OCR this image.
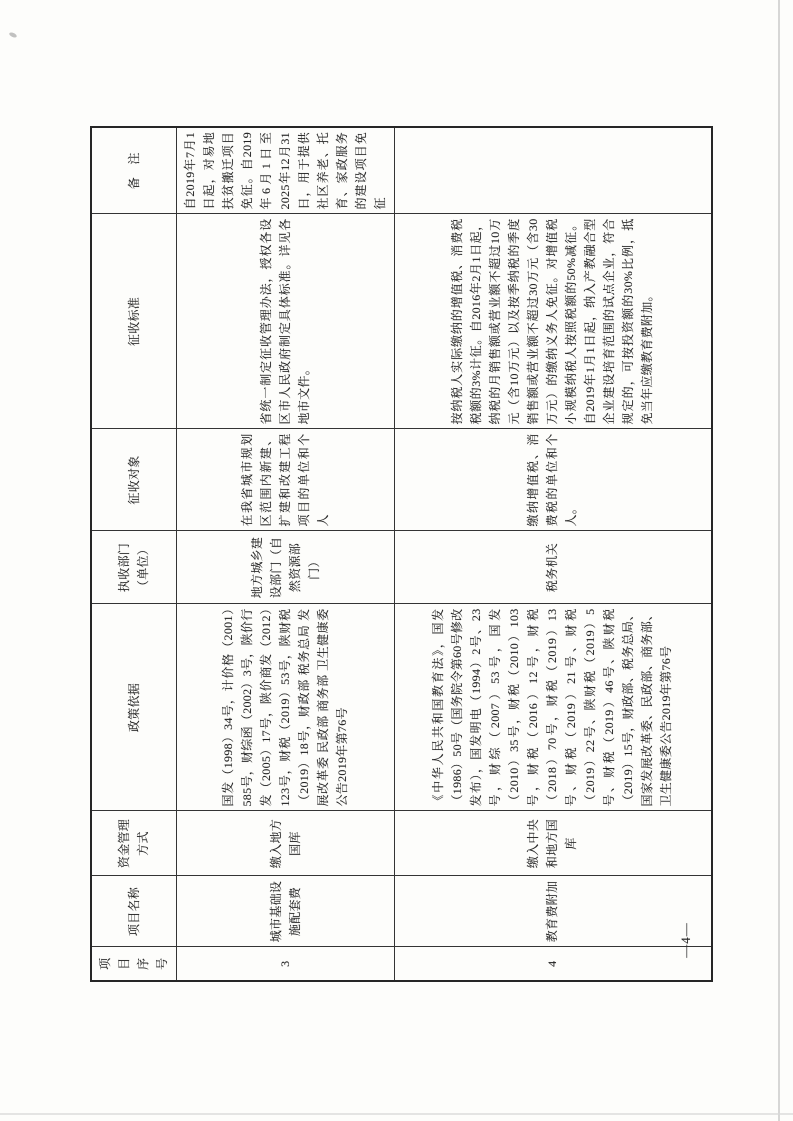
项目序号	项目名称	资金管理方式	政策依据	执收部门（单位）	征收对象	征收标准	备　注
3	城市基础设施配套费	缴入地方国库	国发（1998）34号，计价格（2001）585号，财综函（2002）3号，陕价行发（2005）17号，陕价商发（2012）123号，财税（2019）53号，陕财税（2019）18号，财政部 税务总局 发展改革委 民政部 商务部 卫生健康委公告2019年第76号	地方城乡建设部门（自然资源部门）	在我省城市规划区范围内新建、扩建和改建工程项目的单位和个人	省统一制定征收管理办法，授权各设区市人民政府制定具体标准。详见各地市文件。	自2019年7月1日起，对易地扶贫搬迁项目免征。自2019年6月1日至2025年12月31日，用于提供社区养老、托育、家政服务的建设项目免征
4	教育费附加	缴入中央和地方国库	《中华人民共和国教育法》，国发（1986）50号（国务院令第60号修改发布），国发明电（1994）2号、23号，财综（2007）53号，国发（2010）35号，财税（2010）103号，财税（2016）12号，财税（2018）70号，财税（2019）13号、财税（2019）21号、财税（2019）22号、陕财税（2019）5号、财税（2019）46号、陕财税（2019）15号，财政部、税务总局、国家发展改革委、民政部、商务部、卫生健康委公告2019年第76号	税务机关	缴纳增值税、消费税的单位和个人。	按纳税人实际缴纳的增值税、消费税税额的3%计征。自2016年2月1日起，纳税的月销售额或营业额不超过10万元（含10万元）以及按季纳税的季度销售额或营业额不超过30万元（含30万元）的缴纳义务人免征。对增值税小规模纳税人按照税额的50%减征。自2019年1月1日起，纳入产教融合型企业建设培育范围的试点企业，符合规定的，可按投资额的30%比例，抵免当年应缴教育费附加。	
—4—
